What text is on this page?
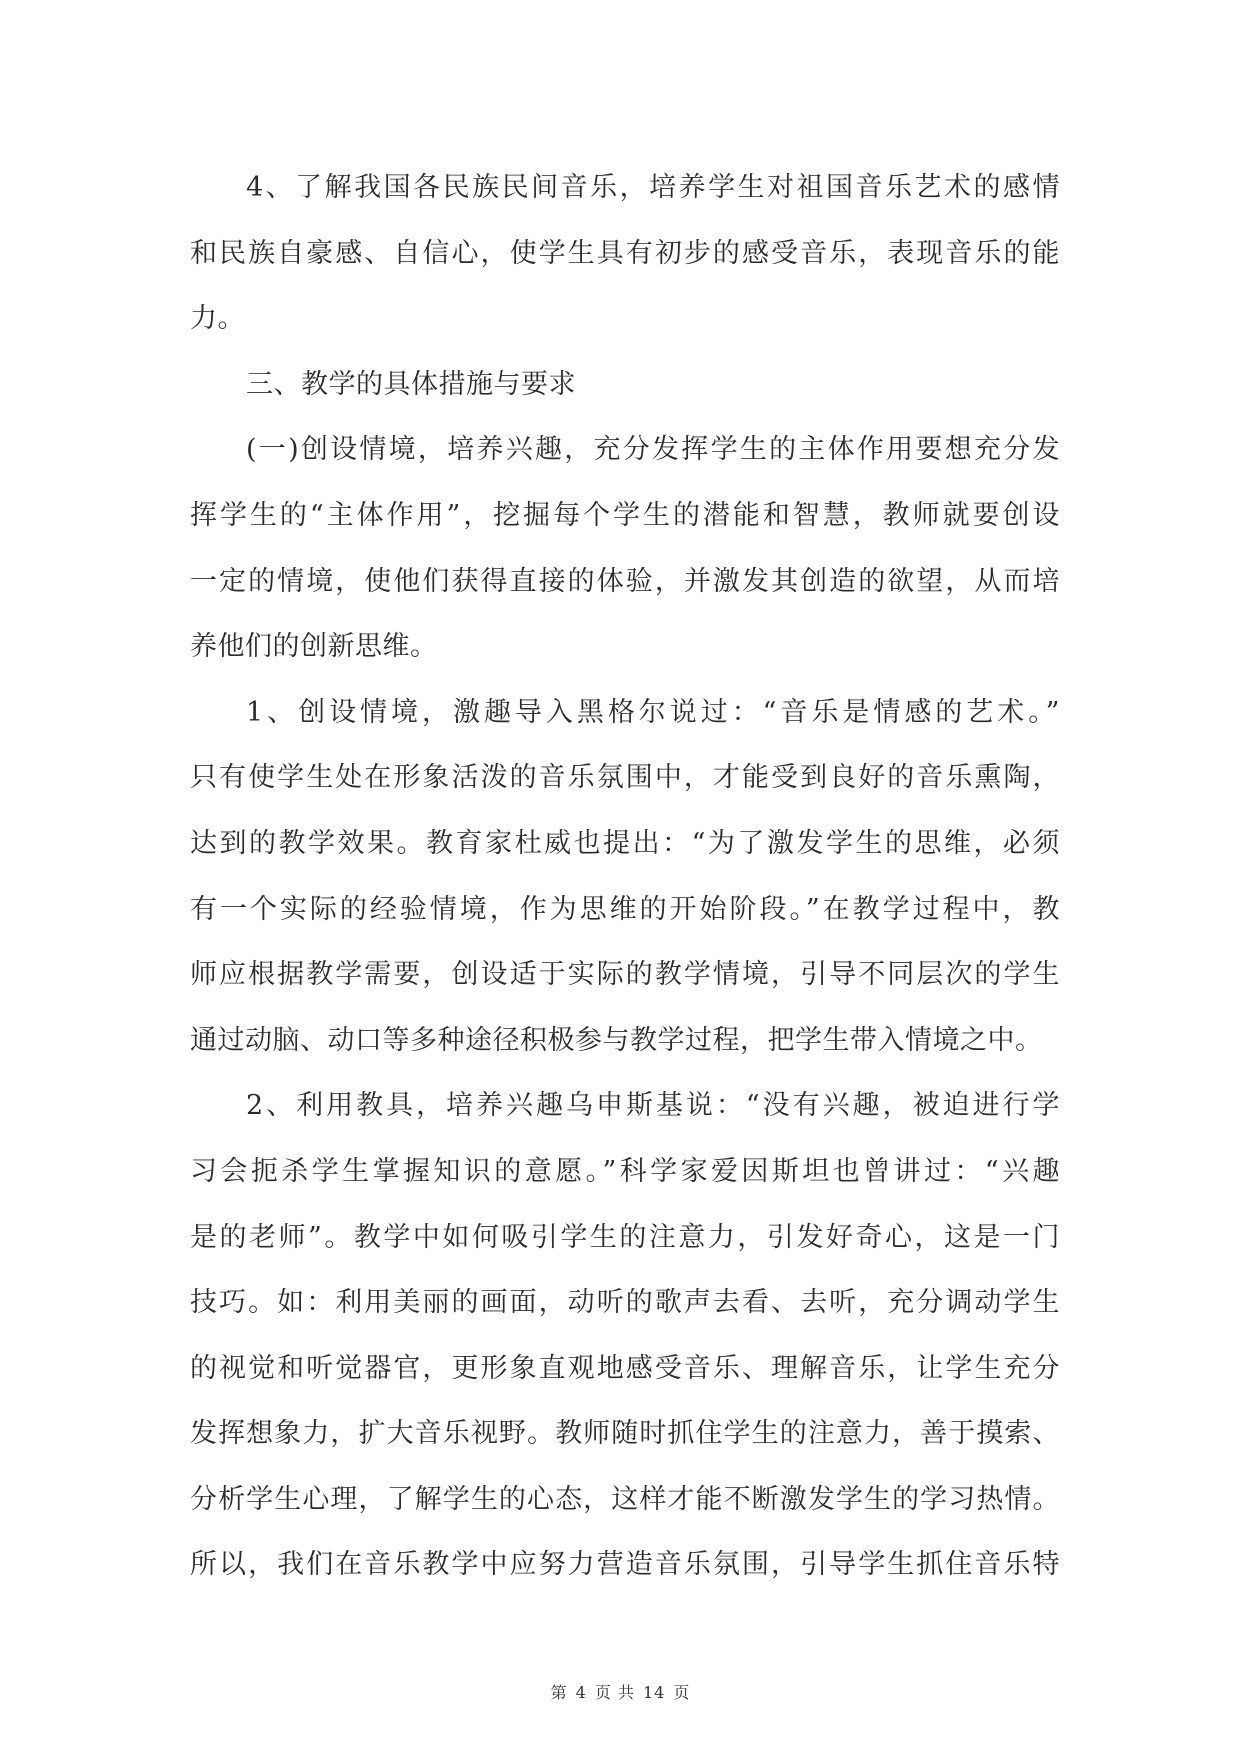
4、了解我国各民族民间音乐，培养学生对祖国音乐艺术的感情
和民族自豪感、自信心，使学生具有初步的感受音乐，表现音乐的能
力。
三、教学的具体措施与要求
(一)创设情境，培养兴趣，充分发挥学生的主体作用要想充分发
挥学生的“主体作用”，挖掘每个学生的潜能和智慧，教师就要创设
一定的情境，使他们获得直接的体验，并激发其创造的欲望，从而培
养他们的创新思维。
1、创设情境，激趣导入黑格尔说过：“音乐是情感的艺术。”
只有使学生处在形象活泼的音乐氛围中，才能受到良好的音乐熏陶，
达到的教学效果。教育家杜威也提出：“为了激发学生的思维，必须
有一个实际的经验情境，作为思维的开始阶段。”在教学过程中，教
师应根据教学需要，创设适于实际的教学情境，引导不同层次的学生
通过动脑、动口等多种途径积极参与教学过程，把学生带入情境之中。
2、利用教具，培养兴趣乌申斯基说：“没有兴趣，被迫进行学
习会扼杀学生掌握知识的意愿。”科学家爱因斯坦也曾讲过：“兴趣
是的老师”。教学中如何吸引学生的注意力，引发好奇心，这是一门
技巧。如：利用美丽的画面，动听的歌声去看、去听，充分调动学生
的视觉和听觉器官，更形象直观地感受音乐、理解音乐，让学生充分
发挥想象力，扩大音乐视野。教师随时抓住学生的注意力，善于摸索、
分析学生心理，了解学生的心态，这样才能不断激发学生的学习热情。
所以，我们在音乐教学中应努力营造音乐氛围，引导学生抓住音乐特
第 4 页 共 14 页
